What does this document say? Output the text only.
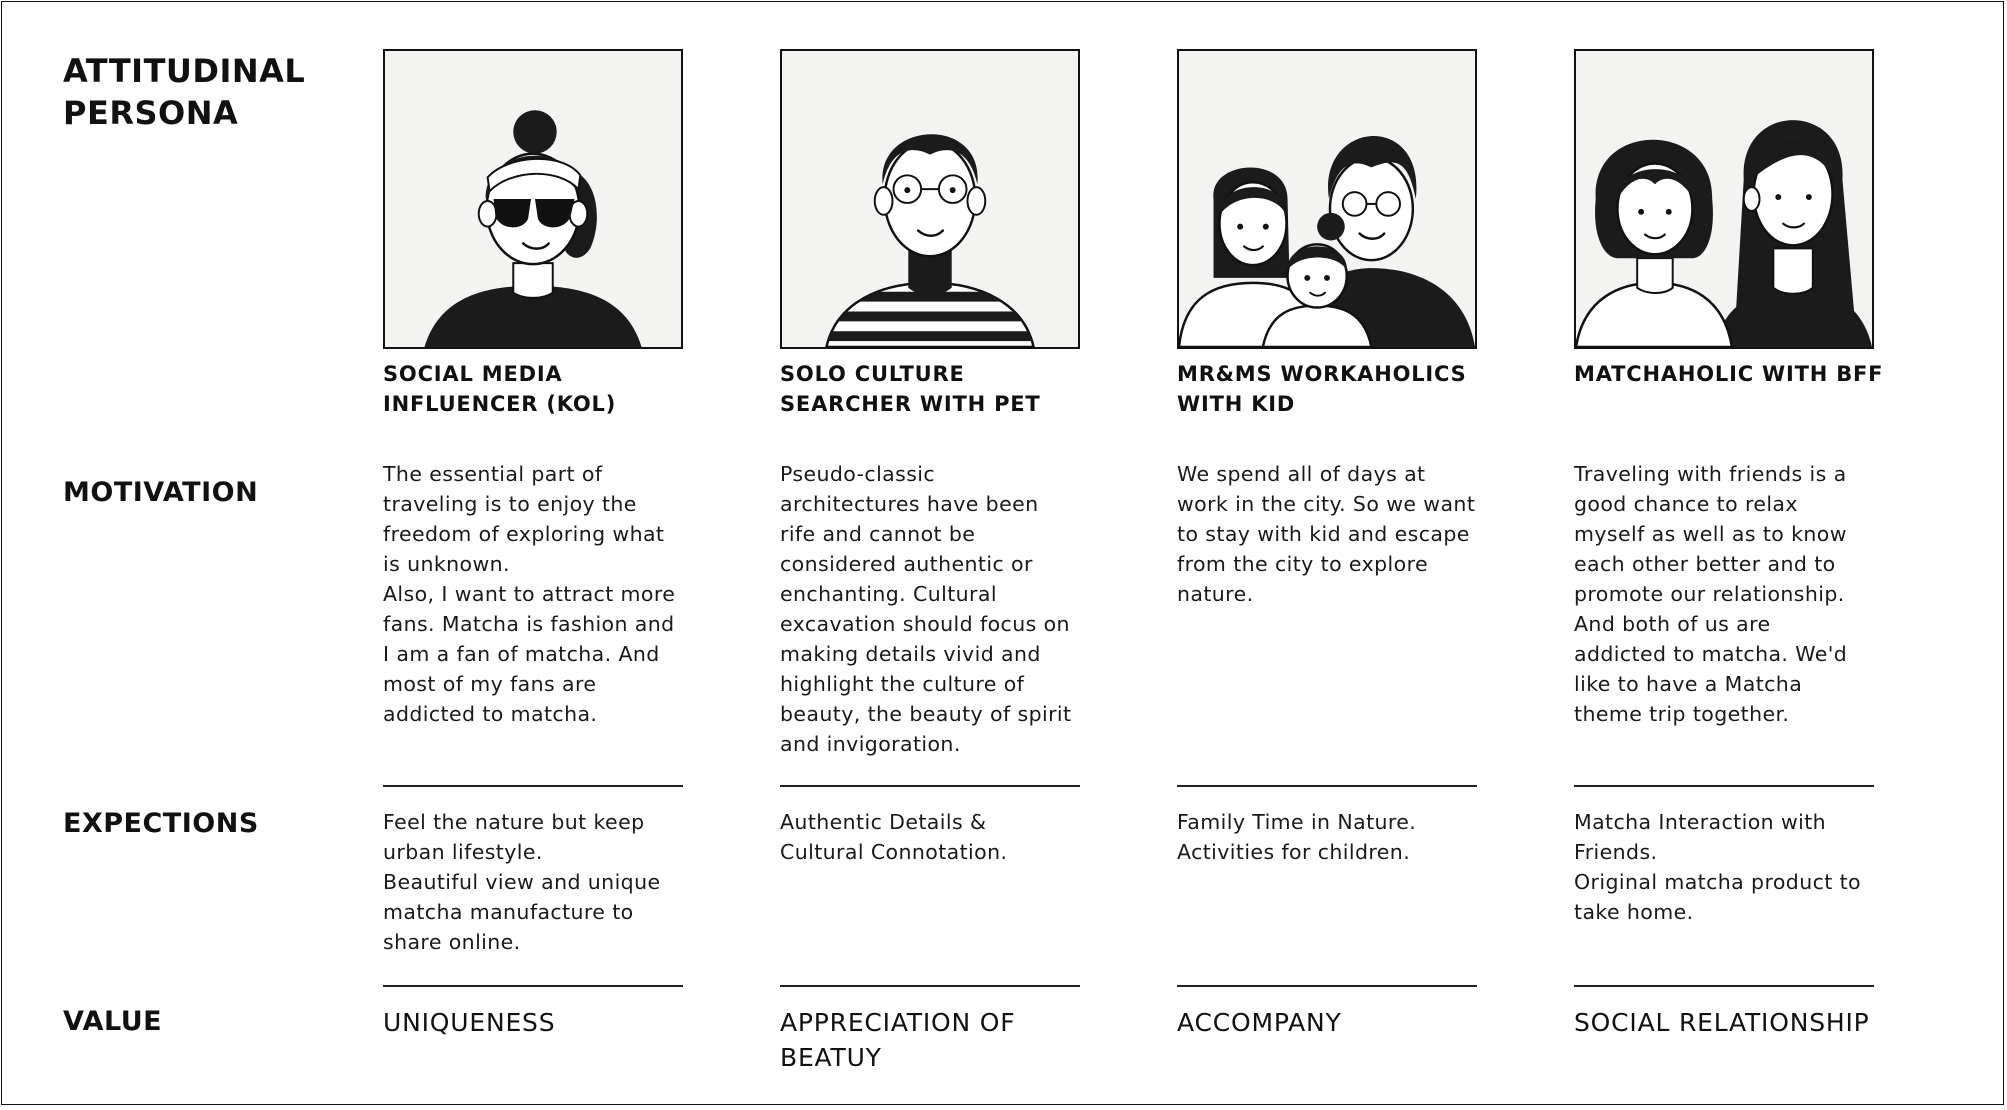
ATTITUDINAL
PERSONA
MOTIVATION
EXPECTIONS
VALUE
SOCIAL MEDIA
INFLUENCER (KOL)
The essential part of
traveling is to enjoy the
freedom of exploring what
is unknown.
Also, I want to attract more
fans. Matcha is fashion and
I am a fan of matcha. And
most of my fans are
addicted to matcha.
Feel the nature but keep
urban lifestyle.
Beautiful view and unique
matcha manufacture to
share online.
UNIQUENESS
SOLO CULTURE
SEARCHER WITH PET
Pseudo-classic
architectures have been
rife and cannot be
considered authentic or
enchanting. Cultural
excavation should focus on
making details vivid and
highlight the culture of
beauty, the beauty of spirit
and invigoration.
Authentic Details &
Cultural Connotation.
APPRECIATION OF
BEATUY
MR&MS WORKAHOLICS
WITH KID
We spend all of days at
work in the city. So we want
to stay with kid and escape
from the city to explore
nature.
Family Time in Nature.
Activities for children.
ACCOMPANY
MATCHAHOLIC WITH BFF
Traveling with friends is a
good chance to relax
myself as well as to know
each other better and to
promote our relationship.
And both of us are
addicted to matcha. We'd
like to have a Matcha
theme trip together.
Matcha Interaction with
Friends.
Original matcha product to
take home.
SOCIAL RELATIONSHIP
